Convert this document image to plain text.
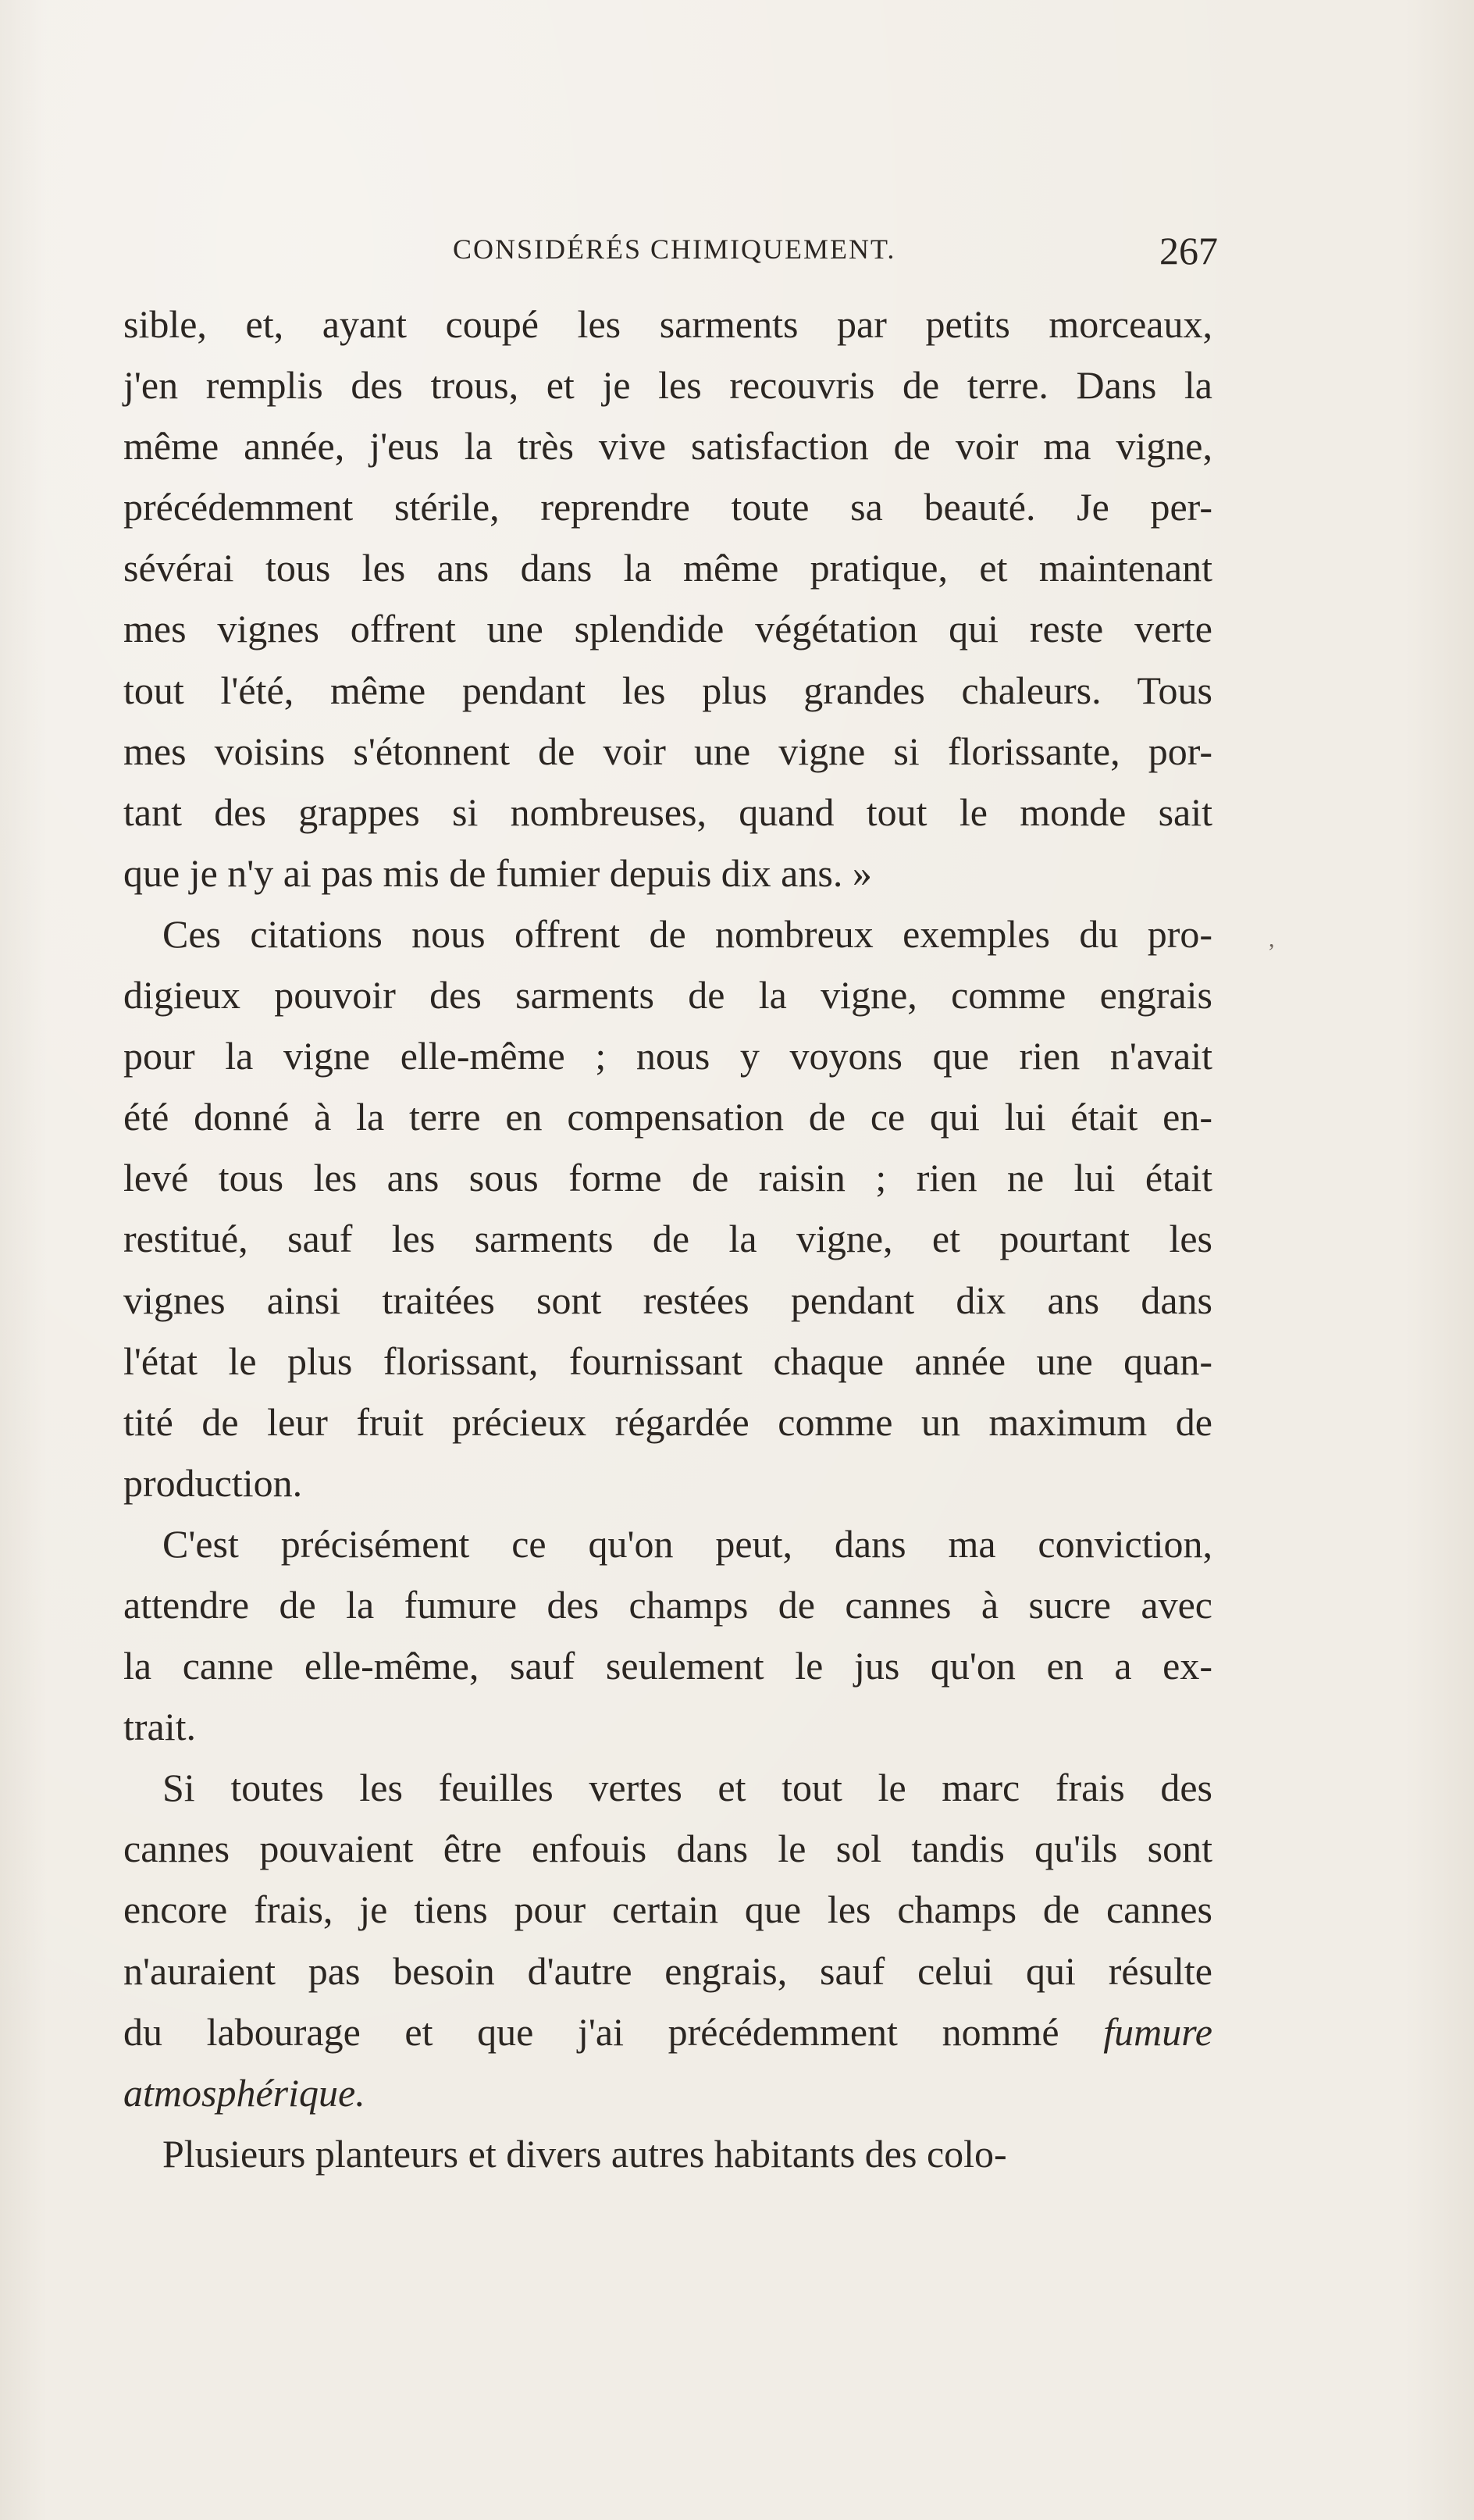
CONSIDÉRÉS CHIMIQUEMENT.	267
,
sible, et, ayant coupé les sarments par petits morceaux,
j'en remplis des trous, et je les recouvris de terre. Dans la
même année, j'eus la très vive satisfaction de voir ma vigne,
précédemment stérile, reprendre toute sa beauté. Je per-
sévérai tous les ans dans la même pratique, et maintenant
mes vignes offrent une splendide végétation qui reste verte
tout l'été, même pendant les plus grandes chaleurs. Tous
mes voisins s'étonnent de voir une vigne si florissante, por-
tant des grappes si nombreuses, quand tout le monde sait
que je n'y ai pas mis de fumier depuis dix ans. »
Ces citations nous offrent de nombreux exemples du pro-
digieux pouvoir des sarments de la vigne, comme engrais
pour la vigne elle-même ; nous y voyons que rien n'avait
été donné à la terre en compensation de ce qui lui était en-
levé tous les ans sous forme de raisin ; rien ne lui était
restitué, sauf les sarments de la vigne, et pourtant les
vignes ainsi traitées sont restées pendant dix ans dans
l'état le plus florissant, fournissant chaque année une quan-
tité de leur fruit précieux régardée comme un maximum de
production.
C'est précisément ce qu'on peut, dans ma conviction,
attendre de la fumure des champs de cannes à sucre avec
la canne elle-même, sauf seulement le jus qu'on en a ex-
trait.
Si toutes les feuilles vertes et tout le marc frais des
cannes pouvaient être enfouis dans le sol tandis qu'ils sont
encore frais, je tiens pour certain que les champs de cannes
n'auraient pas besoin d'autre engrais, sauf celui qui résulte
du labourage et que j'ai précédemment nommé fumure
atmosphérique.
Plusieurs planteurs et divers autres habitants des colo-
